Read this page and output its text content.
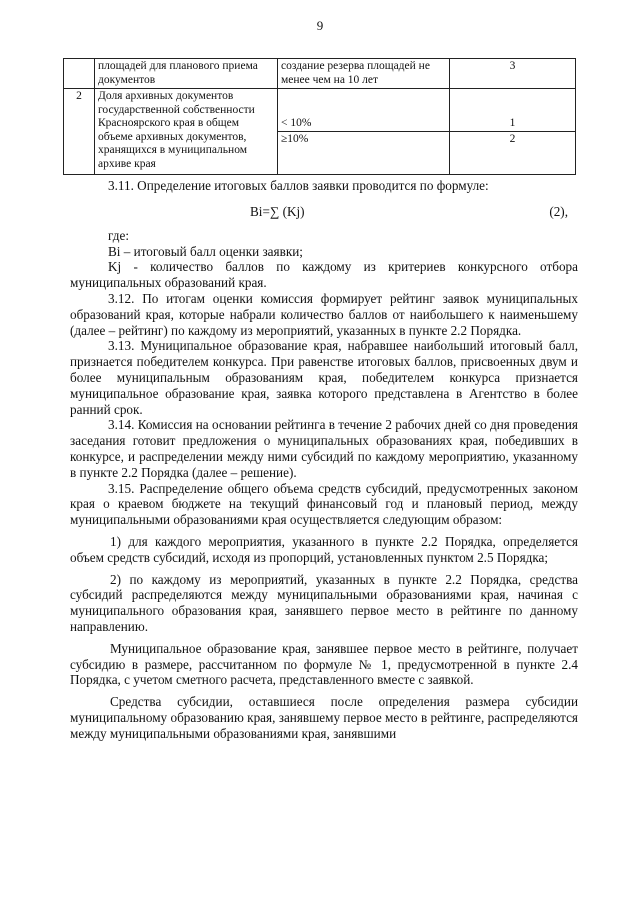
9
	площадей для планового приема документов	создание резерва площадей не менее чем на 10 лет	3
2	Доля архивных документов государственной собственности Красноярского края в общем объеме архивных документов, хранящихся в муниципальном архиве края	< 10%	1
		≥10%	2

3.11. Определение итоговых баллов заявки проводится по формуле:

Bi=∑ (Kj)	(2),

где:

Bi – итоговый балл оценки заявки;

Kj - количество баллов по каждому из критериев конкурсного отбора муниципальных образований края.

3.12. По итогам оценки комиссия формирует рейтинг заявок муниципальных образований края, которые набрали количество баллов от наибольшего к наименьшему (далее – рейтинг) по каждому из мероприятий, указанных в пункте 2.2 Порядка.

3.13. Муниципальное образование края, набравшее наибольший итоговый балл, признается победителем конкурса. При равенстве итоговых баллов, присвоенных двум и более муниципальным образованиям края, победителем конкурса признается муниципальное образование края, заявка которого представлена в Агентство в более ранний срок.

3.14. Комиссия на основании рейтинга в течение 2 рабочих дней со дня проведения заседания готовит предложения о муниципальных образованиях края, победивших в конкурсе, и распределении между ними субсидий по каждому мероприятию, указанному в пункте 2.2 Порядка (далее – решение).

3.15. Распределение общего объема средств субсидий, предусмотренных законом края о краевом бюджете на текущий финансовый год и плановый период, между муниципальными образованиями края осуществляется следующим образом:

1) для каждого мероприятия, указанного в пункте 2.2 Порядка, определяется объем средств субсидий, исходя из пропорций, установленных пунктом 2.5 Порядка;

2) по каждому из мероприятий, указанных в пункте 2.2 Порядка, средства субсидий распределяются между муниципальными образованиями края, начиная с муниципального образования края, занявшего первое место в рейтинге по данному направлению.

Муниципальное образование края, занявшее первое место в рейтинге, получает субсидию в размере, рассчитанном по формуле № 1, предусмотренной в пункте 2.4 Порядка, с учетом сметного расчета, представленного вместе с заявкой.

Средства субсидии, оставшиеся после определения размера субсидии муниципальному образованию края, занявшему первое место в рейтинге, распределяются между муниципальными образованиями края, занявшими
